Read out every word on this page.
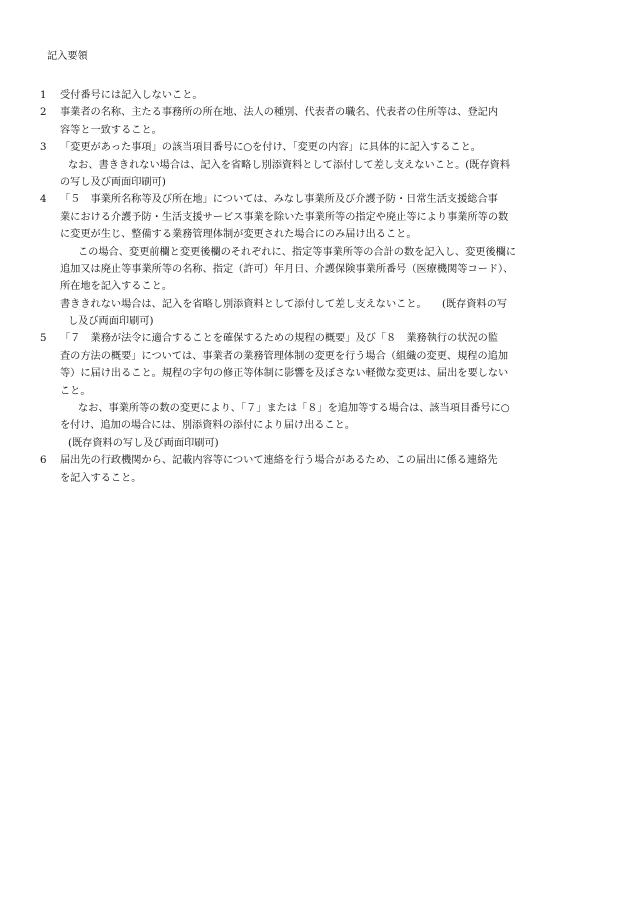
記入要領
1 受付番号には記入しないこと。
2 事業者の名称、主たる事務所の所在地、法人の種別、代表者の職名、代表者の住所等は、登記内
容等と一致すること。
3 「変更があった事項」の該当項目番号に○を付け、「変更の内容」に具体的に記入すること。
なお、書ききれない場合は、記入を省略し別添資料として添付して差し支えないこと。(既存資料
の写し及び両面印刷可)
4 「５　事業所名称等及び所在地」については、みなし事業所及び介護予防・日常生活支援総合事
業における介護予防・生活支援サービス事業を除いた事業所等の指定や廃止等により事業所等の数
に変更が生じ、整備する業務管理体制が変更された場合にのみ届け出ること。
この場合、変更前欄と変更後欄のそれぞれに、指定等事業所等の合計の数を記入し、変更後欄に
追加又は廃止等事業所等の名称、指定（許可）年月日、介護保険事業所番号（医療機関等コード）、
所在地を記入すること。
書ききれない場合は、記入を省略し別添資料として添付して差し支えないこと。　　(既存資料の写
し及び両面印刷可)
5 「７　業務が法令に適合することを確保するための規程の概要」及び「８　業務執行の状況の監
査の方法の概要」については、事業者の業務管理体制の変更を行う場合（組織の変更、規程の追加
等）に届け出ること。規程の字句の修正等体制に影響を及ぼさない軽微な変更は、届出を要しない
こと。
なお、事業所等の数の変更により、「７」または「８」を追加等する場合は、該当項目番号に○
を付け、追加の場合には、別添資料の添付により届け出ること。
(既存資料の写し及び両面印刷可)
6 届出先の行政機関から、記載内容等について連絡を行う場合があるため、この届出に係る連絡先
を記入すること。
